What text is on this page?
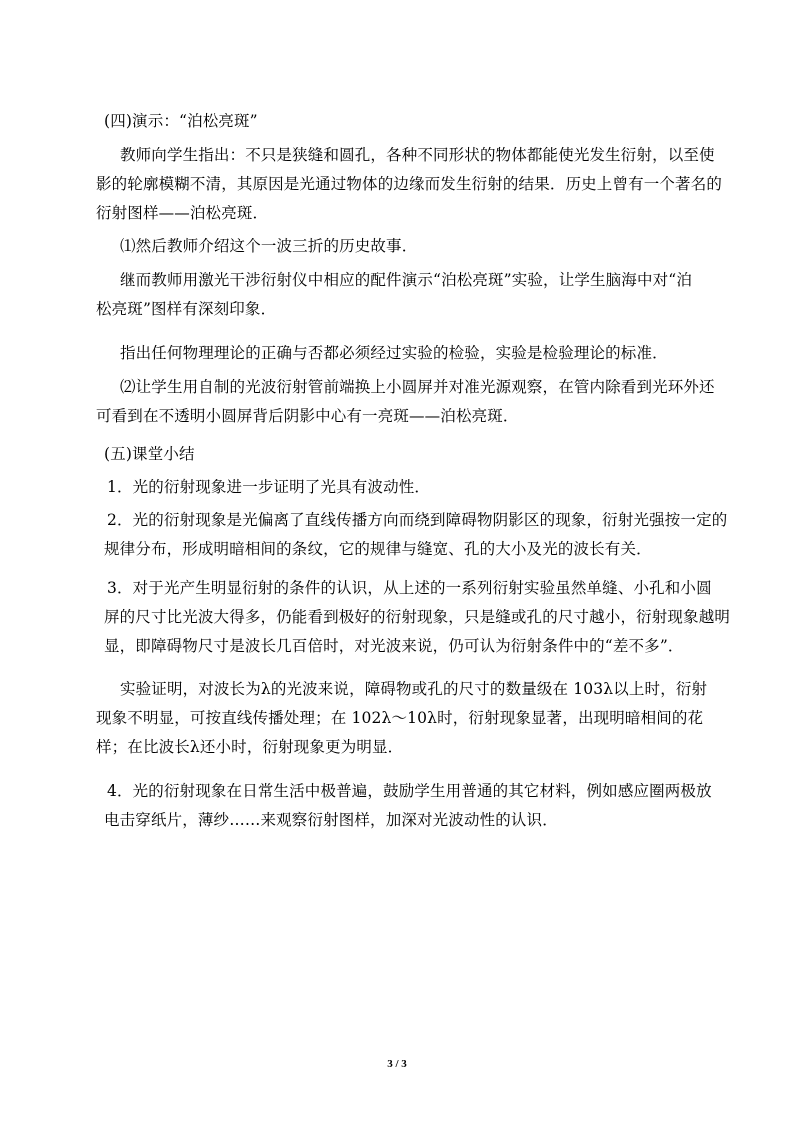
(四)演示：“泊松亮斑”
教师向学生指出：不只是狭缝和圆孔，各种不同形状的物体都能使光发生衍射，以至使
影的轮廓模糊不清，其原因是光通过物体的边缘而发生衍射的结果．历史上曾有一个著名的
衍射图样——泊松亮斑．
⑴然后教师介绍这个一波三折的历史故事．
继而教师用激光干涉衍射仪中相应的配件演示“泊松亮斑”实验，让学生脑海中对“泊
松亮斑”图样有深刻印象．
指出任何物理理论的正确与否都必须经过实验的检验，实验是检验理论的标准．
⑵让学生用自制的光波衍射管前端换上小圆屏并对准光源观察，在管内除看到光环外还
可看到在不透明小圆屏背后阴影中心有一亮斑——泊松亮斑．
(五)课堂小结
1．光的衍射现象进一步证明了光具有波动性．
2．光的衍射现象是光偏离了直线传播方向而绕到障碍物阴影区的现象，衍射光强按一定的
规律分布，形成明暗相间的条纹，它的规律与缝宽、孔的大小及光的波长有关．
3．对于光产生明显衍射的条件的认识，从上述的一系列衍射实验虽然单缝、小孔和小圆
屏的尺寸比光波大得多，仍能看到极好的衍射现象，只是缝或孔的尺寸越小，衍射现象越明
显，即障碍物尺寸是波长几百倍时，对光波来说，仍可认为衍射条件中的“差不多”．
实验证明，对波长为λ的光波来说，障碍物或孔的尺寸的数量级在 103λ以上时，衍射
现象不明显，可按直线传播处理；在 102λ～10λ时，衍射现象显著，出现明暗相间的花
样；在比波长λ还小时，衍射现象更为明显．
4．光的衍射现象在日常生活中极普遍，鼓励学生用普通的其它材料，例如感应圈两极放
电击穿纸片，薄纱……来观察衍射图样，加深对光波动性的认识．
3 / 3
